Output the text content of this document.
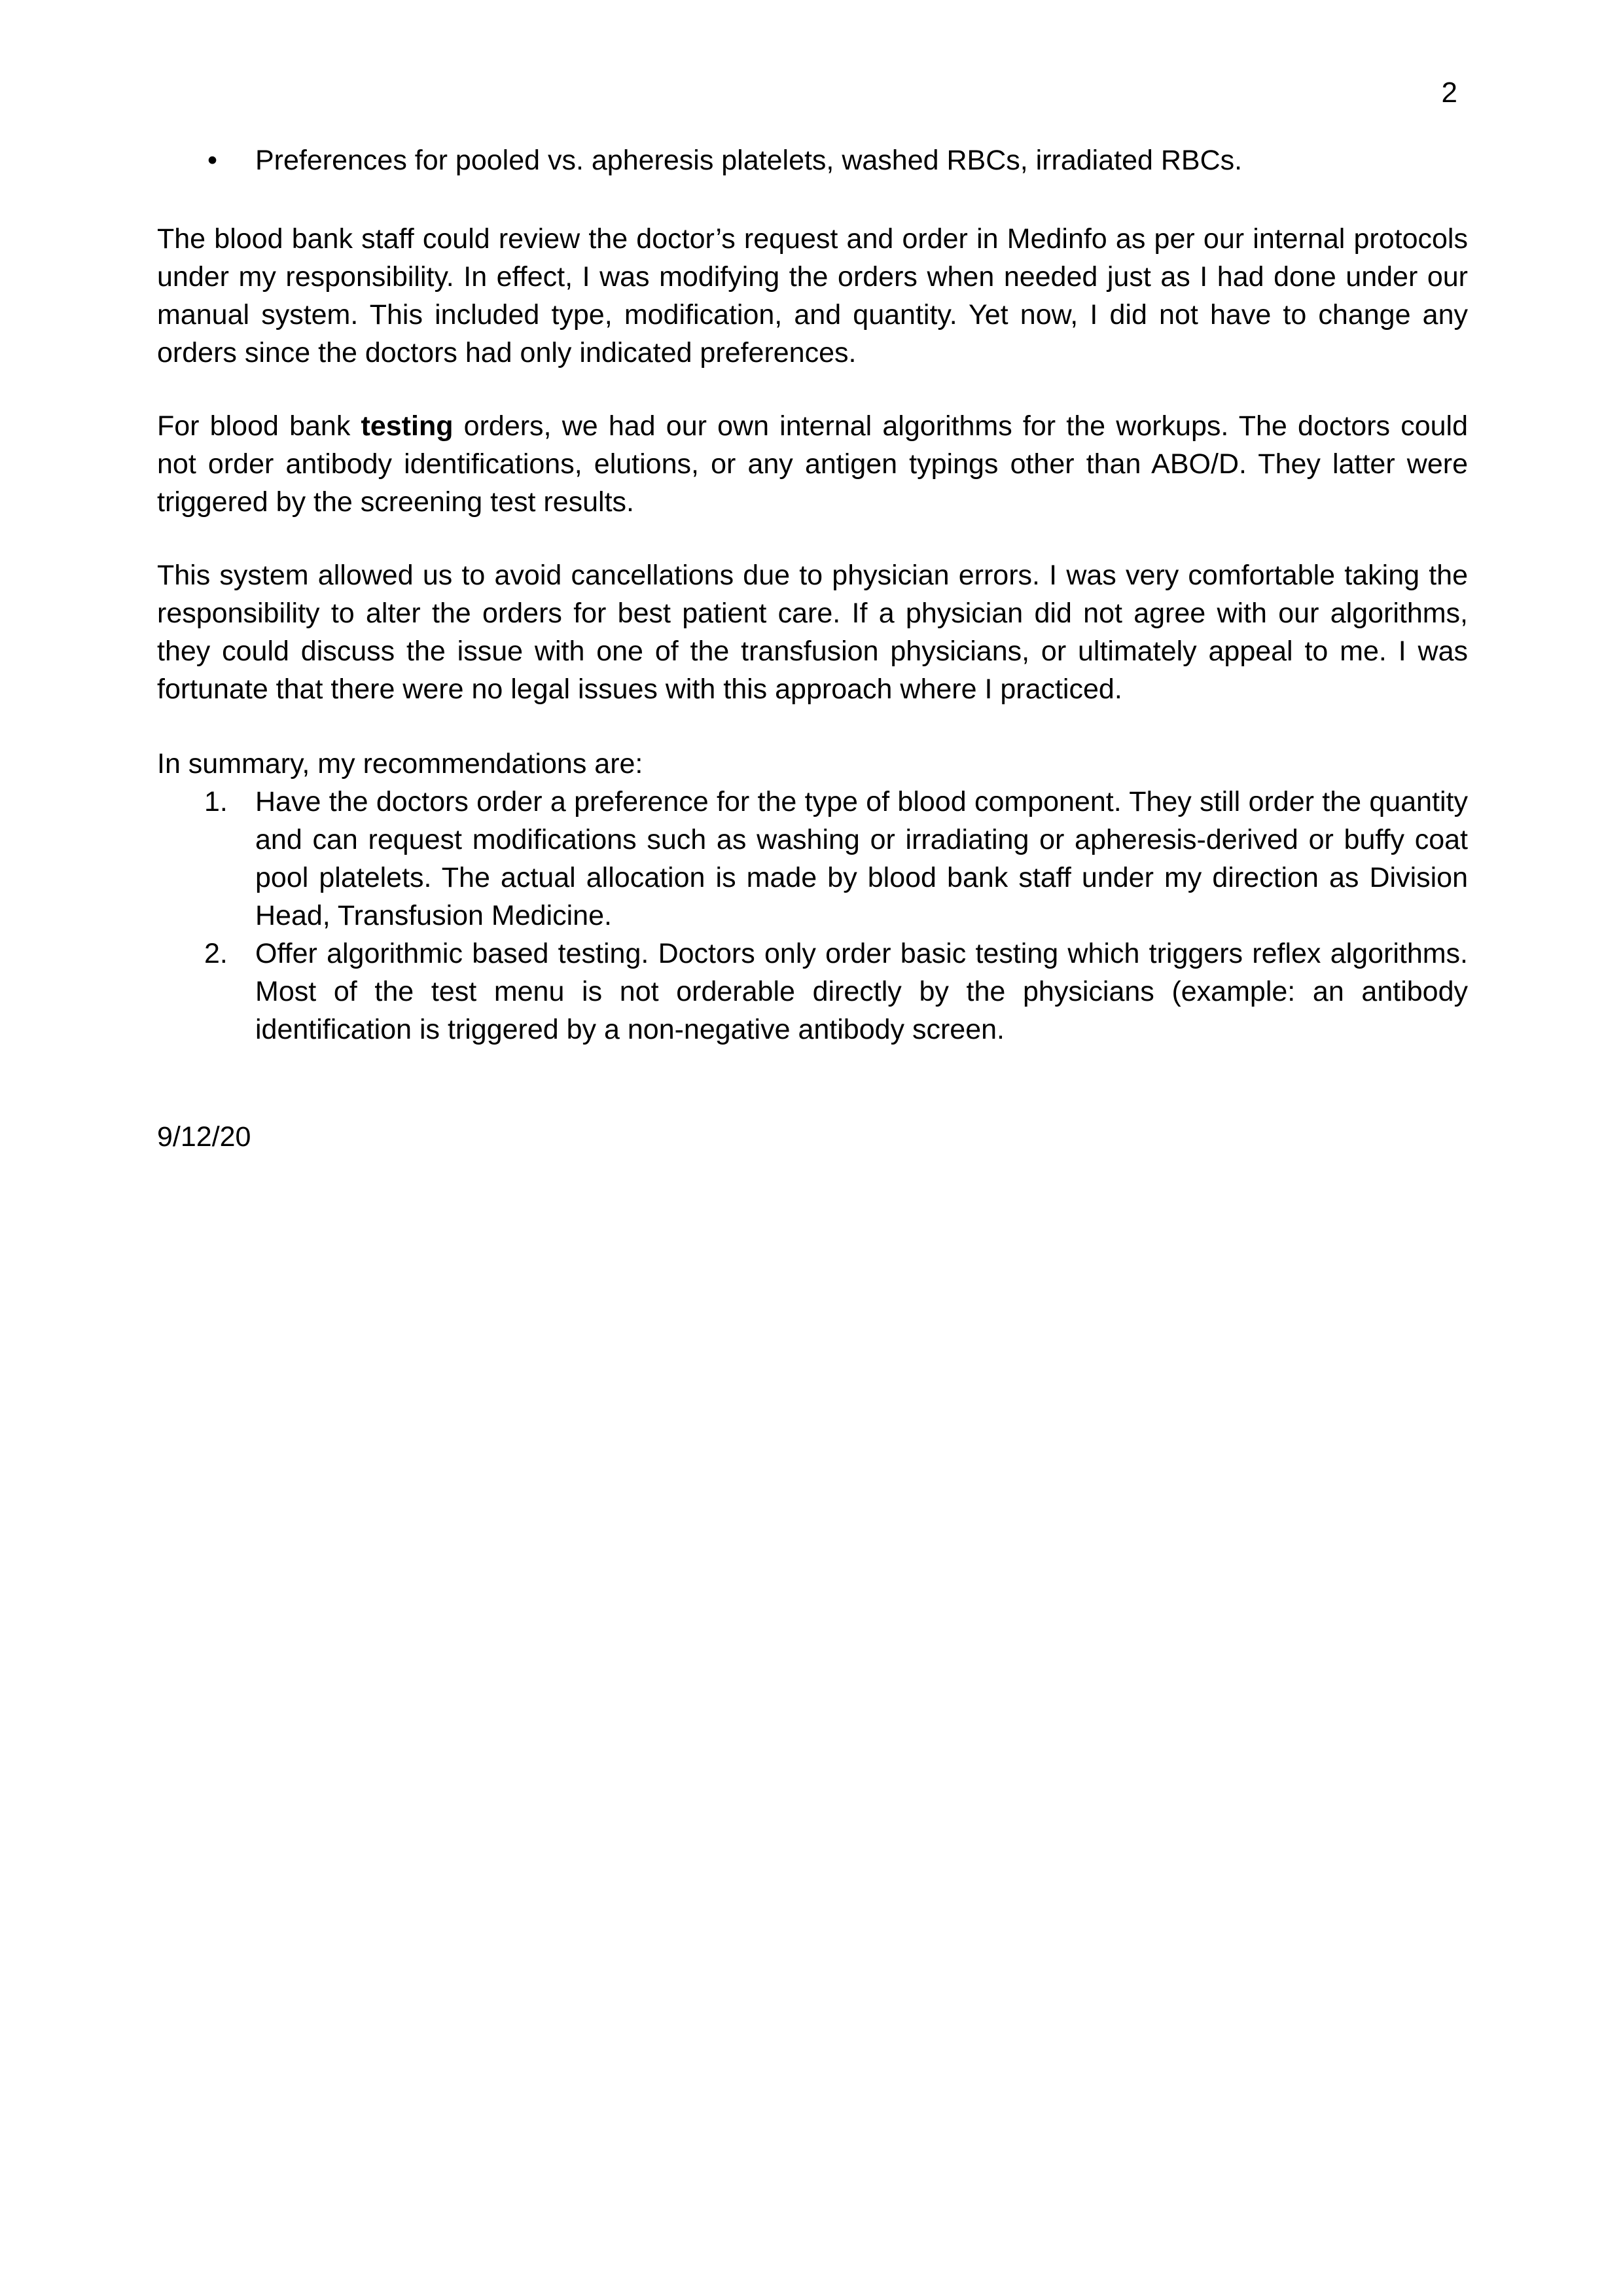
2
• Preferences for pooled vs. apheresis platelets, washed RBCs, irradiated RBCs.

The blood bank staff could review the doctor’s request and order in Medinfo as per our internal protocols under my responsibility. In effect, I was modifying the orders when needed just as I had done under our manual system. This included type, modification, and quantity. Yet now, I did not have to change any orders since the doctors had only indicated preferences.

For blood bank testing orders, we had our own internal algorithms for the workups. The doctors could not order antibody identifications, elutions, or any antigen typings other than ABO/D. They latter were triggered by the screening test results.

This system allowed us to avoid cancellations due to physician errors. I was very comfortable taking the responsibility to alter the orders for best patient care. If a physician did not agree with our algorithms, they could discuss the issue with one of the transfusion physicians, or ultimately appeal to me. I was fortunate that there were no legal issues with this approach where I practiced.

In summary, my recommendations are:

1. Have the doctors order a preference for the type of blood component. They still order the quantity and can request modifications such as washing or irradiating or apheresis-derived or buffy coat pool platelets. The actual allocation is made by blood bank staff under my direction as Division Head, Transfusion Medicine.
2. Offer algorithmic based testing. Doctors only order basic testing which triggers reflex algorithms. Most of the test menu is not orderable directly by the physicians (example: an antibody identification is triggered by a non-negative antibody screen.
9/12/20
